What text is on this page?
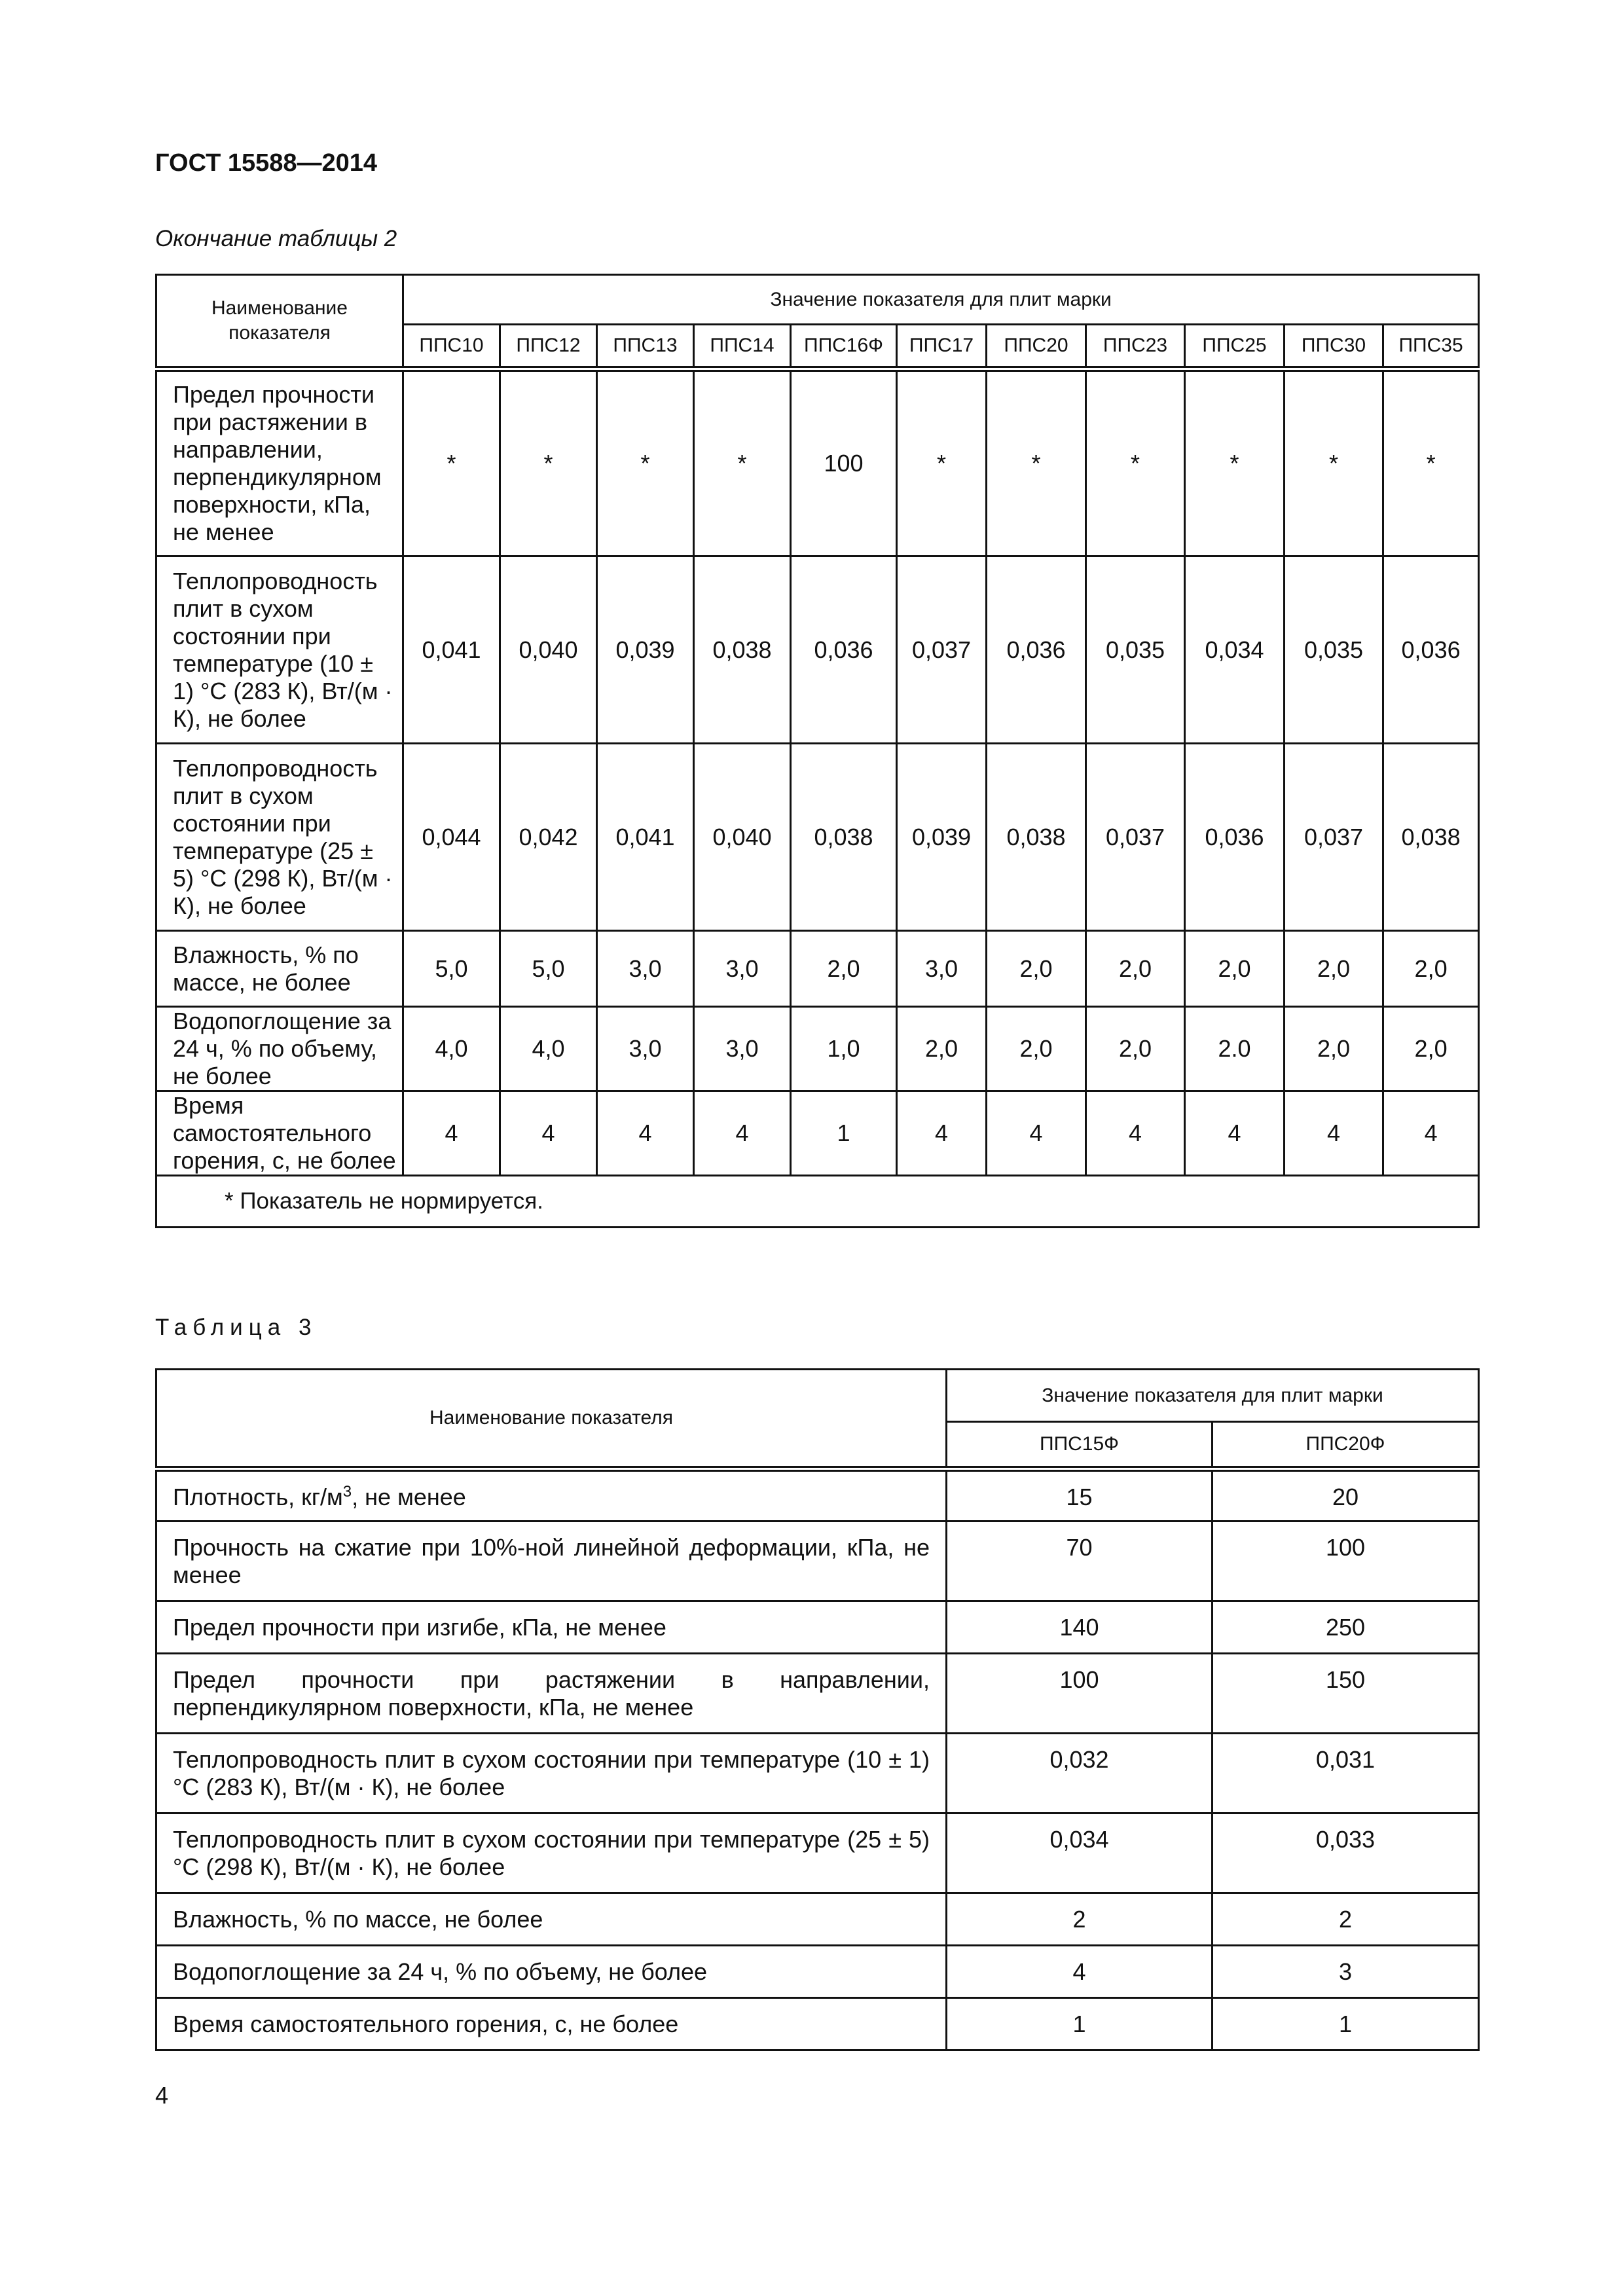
ГОСТ 15588—2014
Окончание таблицы 2
Наименование показателя	Значение показателя для плит марки										
	ППС10	ППС12	ППС13	ППС14	ППС16Ф	ППС17	ППС20	ППС23	ППС25	ППС30	ППС35
Предел прочности при растяжении в направлении, перпендикулярном поверхности, кПа, не менее	*	*	*	*	100	*	*	*	*	*	*
Теплопроводность плит в сухом состоянии при температуре (10 ± 1) °С (283 К), Вт/(м · К), не более	0,041	0,040	0,039	0,038	0,036	0,037	0,036	0,035	0,034	0,035	0,036
Теплопроводность плит в сухом состоянии при температуре (25 ± 5) °С (298 К), Вт/(м · К), не более	0,044	0,042	0,041	0,040	0,038	0,039	0,038	0,037	0,036	0,037	0,038
Влажность, % по массе, не более	5,0	5,0	3,0	3,0	2,0	3,0	2,0	2,0	2,0	2,0	2,0
Водопоглощение за 24 ч, % по объему, не более	4,0	4,0	3,0	3,0	1,0	2,0	2,0	2,0	2.0	2,0	2,0
Время самостоятельного горения, с, не более	4	4	4	4	1	4	4	4	4	4	4
* Показатель не нормируется.											
Таблица 3
Наименование показателя	Значение показателя для плит марки	
	ППС15Ф	ППС20Ф
Плотность, $кг/м^3$, не менее	15	20
Прочность на сжатие при 10%-ной линейной деформации, кПа, не менее	70	100
Предел прочности при изгибе, кПа, не менее	140	250
Предел прочности при растяжении в направлении, перпендикулярном поверхности, кПа, не менее	100	150
Теплопроводность плит в сухом состоянии при температуре (10 ± 1) °С (283 К), Вт/(м · К), не более	0,032	0,031
Теплопроводность плит в сухом состоянии при температуре (25 ± 5) °С (298 К), Вт/(м · К), не более	0,034	0,033
Влажность, % по массе, не более	2	2
Водопоглощение за 24 ч, % по объему, не более	4	3
Время самостоятельного горения, с, не более	1	1
4
